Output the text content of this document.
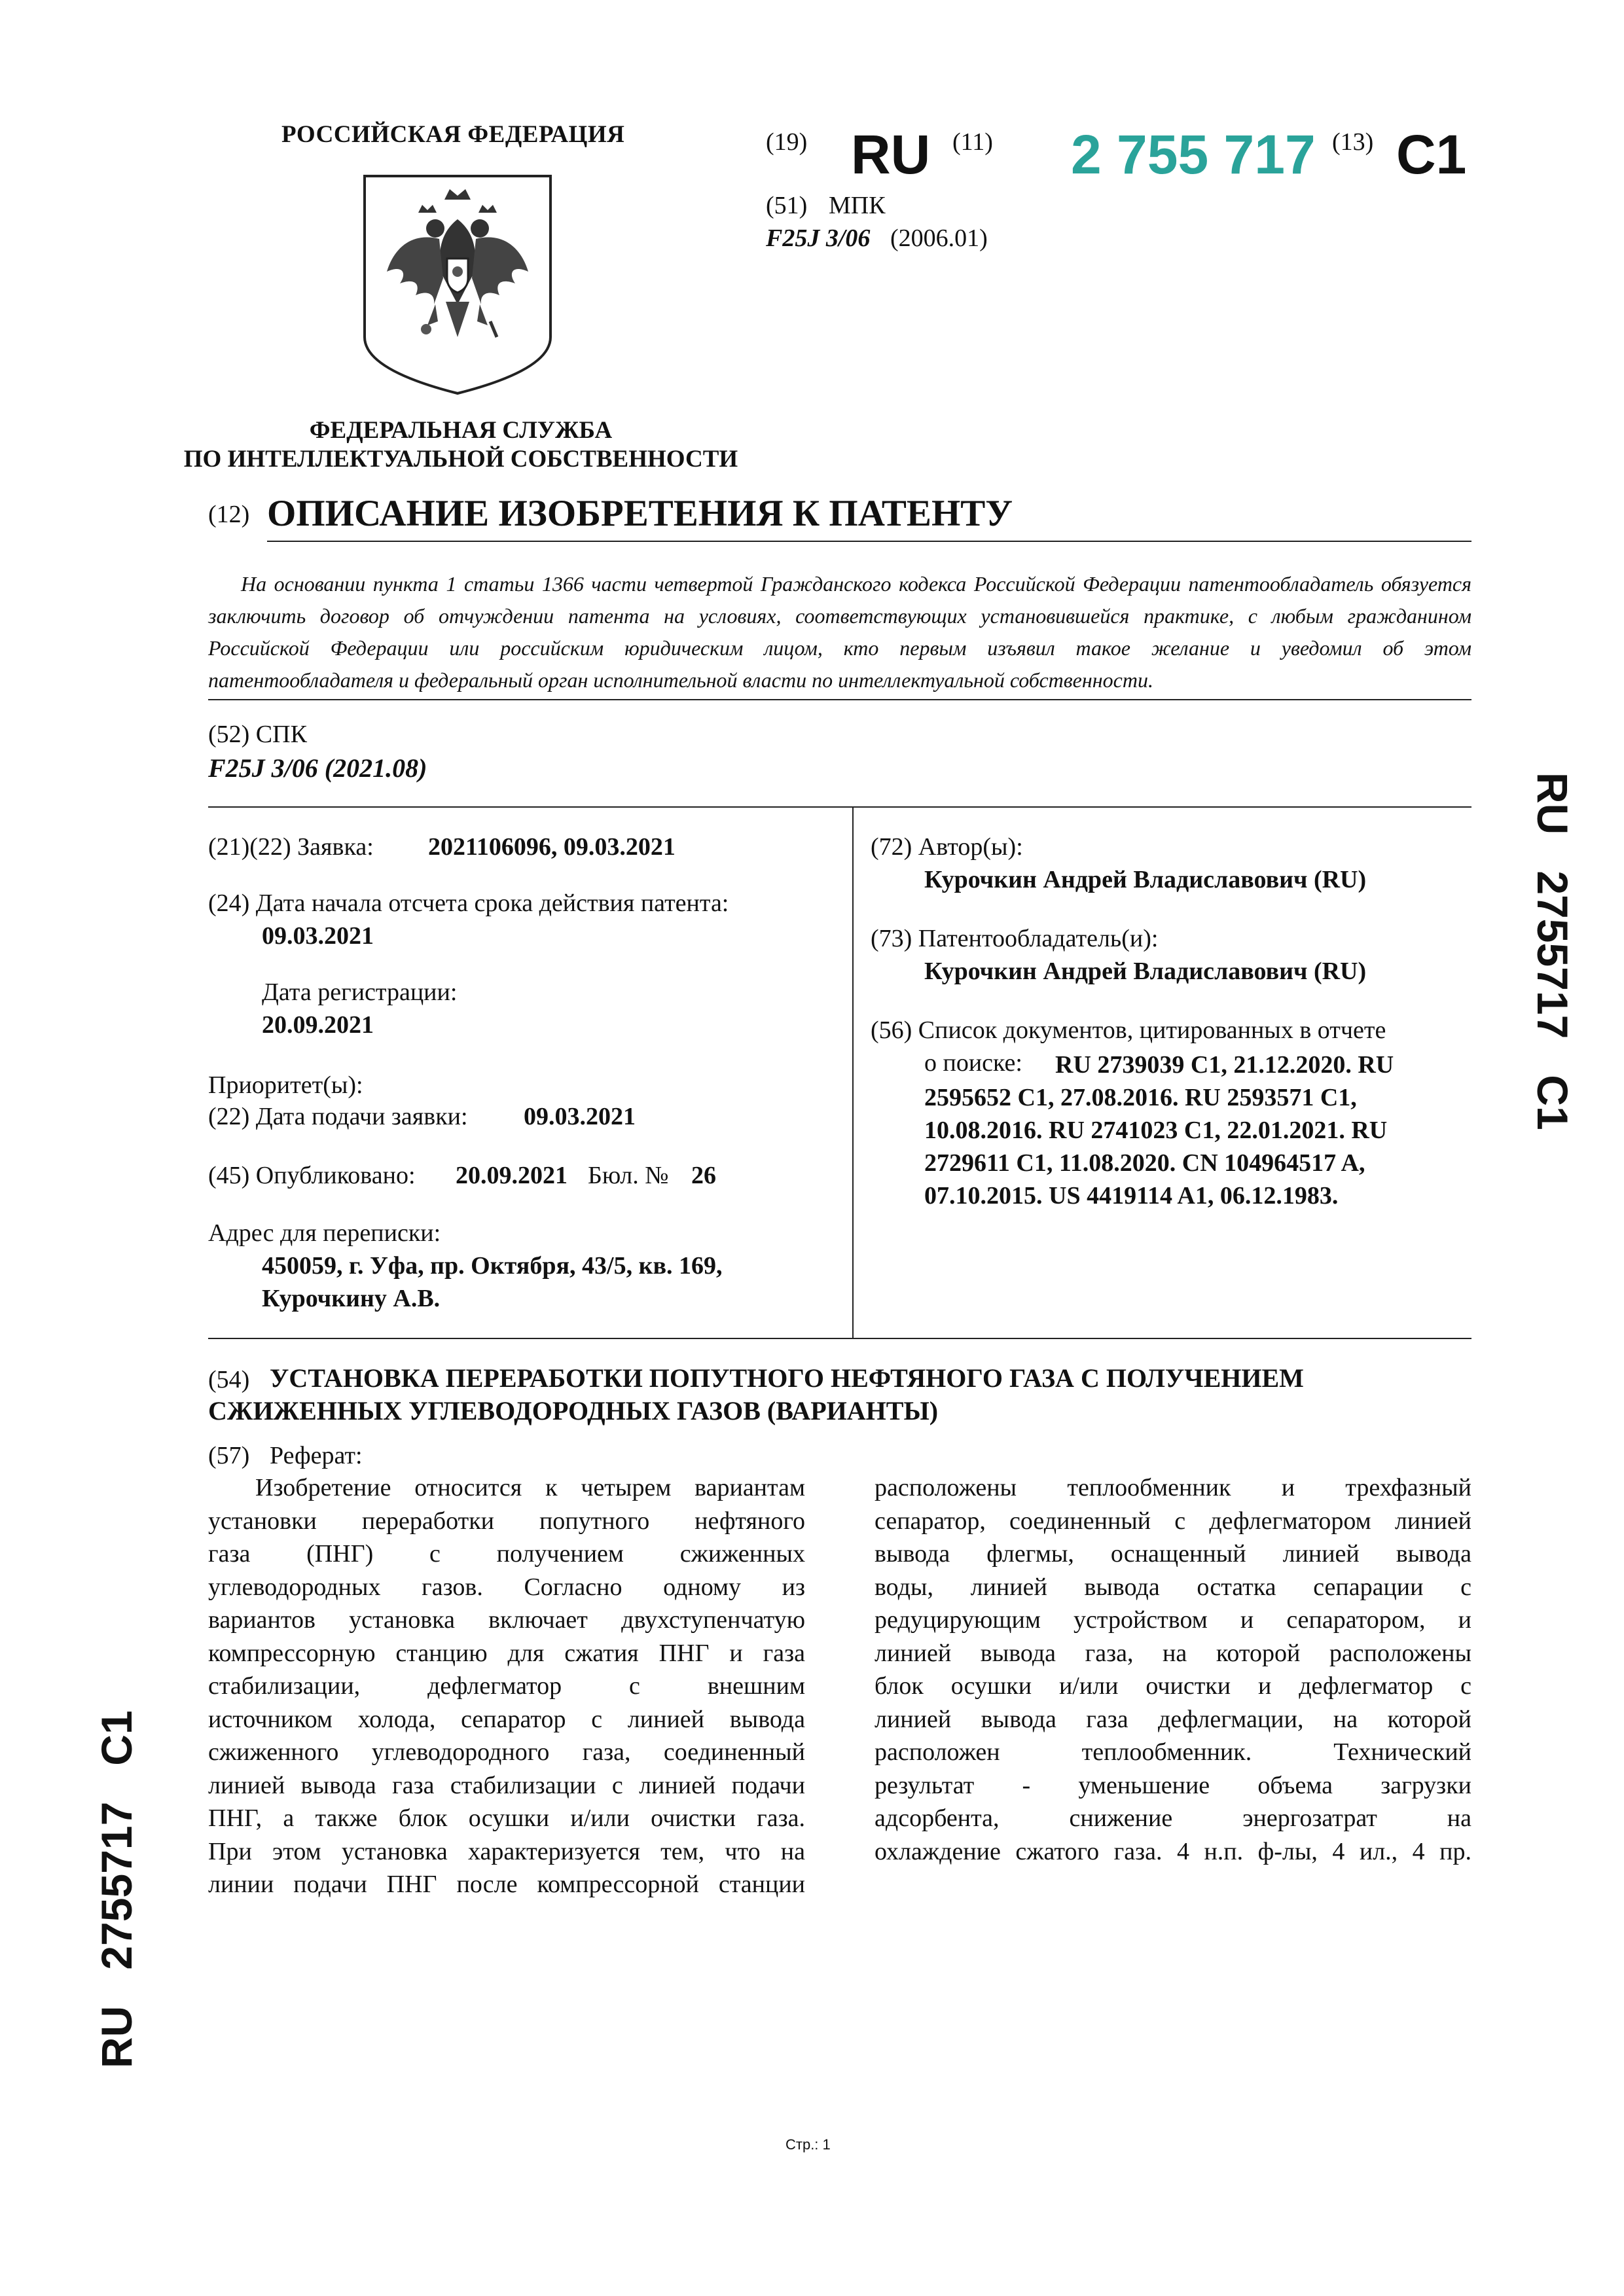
РОССИЙСКАЯ ФЕДЕРАЦИЯ
ФЕДЕРАЛЬНАЯ СЛУЖБА
ПО ИНТЕЛЛЕКТУАЛЬНОЙ СОБСТВЕННОСТИ
(19) RU (11) 2 755 717 (13) C1
(51) МПК
F25J 3/06 (2006.01)
(12) ОПИСАНИЕ ИЗОБРЕТЕНИЯ К ПАТЕНТУ
На основании пункта 1 статьи 1366 части четвертой Гражданского кодекса Российской Федерации патентообладатель обязуется
заключить договор об отчуждении патента на условиях, соответствующих установившейся практике, с любым гражданином
Российской Федерации или российским юридическим лицом, кто первым изъявил такое желание и уведомил об этом
патентообладателя и федеральный орган исполнительной власти по интеллектуальной собственности.
(52) СПК
F25J 3/06 (2021.08)
(21)(22) Заявка: 2021106096, 09.03.2021
(24) Дата начала отсчета срока действия патента:
09.03.2021
Дата регистрации:
20.09.2021
Приоритет(ы):
(22) Дата подачи заявки: 09.03.2021
(45) Опубликовано: 20.09.2021 Бюл. № 26
Адрес для переписки:
450059, г. Уфа, пр. Октября, 43/5, кв. 169,
Курочкину А.В.
(72) Автор(ы):
Курочкин Андрей Владиславович (RU)
(73) Патентообладатель(и):
Курочкин Андрей Владиславович (RU)
(56) Список документов, цитированных в отчете
о поиске:	RU 2739039 C1, 21.12.2020. RU
2595652 C1, 27.08.2016. RU 2593571 C1,
10.08.2016. RU 2741023 C1, 22.01.2021. RU
2729611 C1, 11.08.2020. CN 104964517 A,
07.10.2015. US 4419114 A1, 06.12.1983.
(54) УСТАНОВКА ПЕРЕРАБОТКИ ПОПУТНОГО НЕФТЯНОГО ГАЗА С ПОЛУЧЕНИЕМ
СЖИЖЕННЫХ УГЛЕВОДОРОДНЫХ ГАЗОВ (ВАРИАНТЫ)
(57) Реферат:
Изобретение относится к четырем вариантам
установки переработки попутного нефтяного
газа (ПНГ) с получением сжиженных
углеводородных газов. Согласно одному из
вариантов установка включает двухступенчатую
компрессорную станцию для сжатия ПНГ и газа
стабилизации, дефлегматор с внешним
источником холода, сепаратор с линией вывода
сжиженного углеводородного газа, соединенный
линией вывода газа стабилизации с линией подачи
ПНГ, а также блок осушки и/или очистки газа.
При этом установка характеризуется тем, что на
линии подачи ПНГ после компрессорной станции
расположены теплообменник и трехфазный
сепаратор, соединенный с дефлегматором линией
вывода флегмы, оснащенный линией вывода
воды, линией вывода остатка сепарации с
редуцирующим устройством и сепаратором, и
линией вывода газа, на которой расположены
блок осушки и/или очистки и дефлегматор с
линией вывода газа дефлегмации, на которой
расположен теплообменник. Технический
результат - уменьшение объема загрузки
адсорбента, снижение энергозатрат на
охлаждение сжатого газа. 4 н.п. ф-лы, 4 ил., 4 пр.
RU   2755717   C1
RU   2755717   C1
Стр.: 1
